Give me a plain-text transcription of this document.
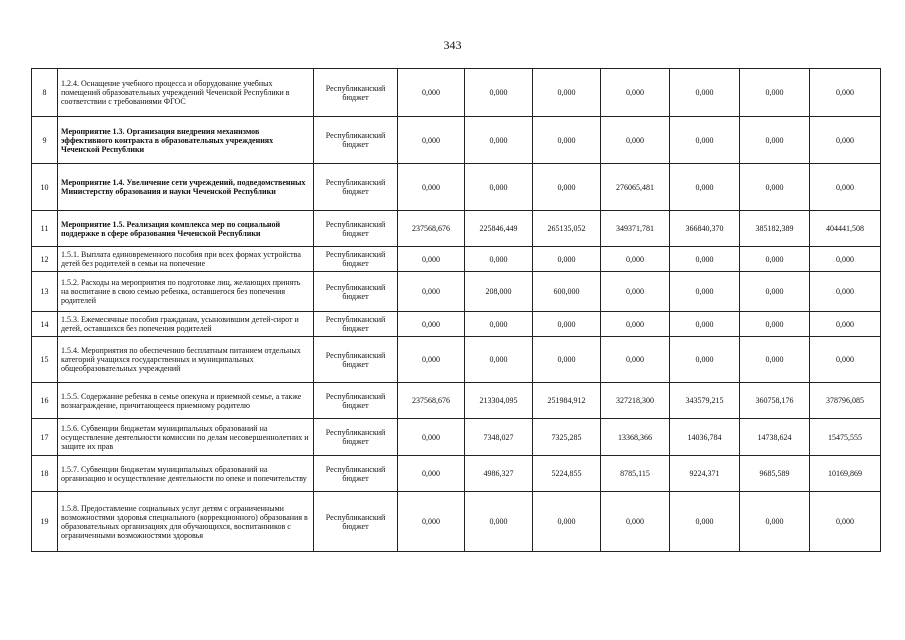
343
8	1.2.4. Оснащение учебного процесса и оборудование учебных помещений образовательных учреждений Чеченской Республики в соответствии с требованиями ФГОС	Республиканский бюджет	0,000	0,000	0,000	0,000	0,000	0,000	0,000
9	Мероприятие 1.3. Организация внедрения механизмов эффективного контракта в образовательных учреждениях Чеченской Республики	Республиканский бюджет	0,000	0,000	0,000	0,000	0,000	0,000	0,000
10	Мероприятие 1.4. Увеличение сети учреждений, подведомственных Министерству образования и науки Чеченской Республики	Республиканский бюджет	0,000	0,000	0,000	276065,481	0,000	0,000	0,000
11	Мероприятие 1.5. Реализация комплекса мер по социальной поддержке в сфере образования Чеченской Республики	Республиканский бюджет	237568,676	225846,449	265135,052	349371,781	366840,370	385182,389	404441,508
12	1.5.1. Выплата единовременного пособия при всех формах устройства детей без родителей в семьи на попечение	Республиканский бюджет	0,000	0,000	0,000	0,000	0,000	0,000	0,000
13	1.5.2. Расходы на мероприятия по подготовке лиц, желающих принять на воспитание в свою семью ребенка, оставшегося без попечения родителей	Республиканский бюджет	0,000	208,000	600,000	0,000	0,000	0,000	0,000
14	1.5.3. Ежемесячные пособия гражданам, усыновившим детей-сирот и детей, оставшихся без попечения родителей	Республиканский бюджет	0,000	0,000	0,000	0,000	0,000	0,000	0,000
15	1.5.4. Мероприятия по обеспечению бесплатным питанием отдельных категорий учащихся государственных и муниципальных общеобразовательных учреждений	Республиканский бюджет	0,000	0,000	0,000	0,000	0,000	0,000	0,000
16	1.5.5. Содержание ребенка в семье опекуна и приемной семье, а также вознаграждение, причитающееся приемному родителю	Республиканский бюджет	237568,676	213304,095	251984,912	327218,300	343579,215	360758,176	378796,085
17	1.5.6. Субвенции бюджетам муниципальных образований на осуществление деятельности комиссии по делам несовершеннолетних и защите их прав	Республиканский бюджет	0,000	7348,027	7325,285	13368,366	14036,784	14738,624	15475,555
18	1.5.7. Субвенции бюджетам муниципальных образований на организацию и осуществление деятельности по опеке и попечительству	Республиканский бюджет	0,000	4986,327	5224,855	8785,115	9224,371	9685,589	10169,869
19	1.5.8. Предоставление социальных услуг детям с ограниченными возможностями здоровья специального (коррекционного) образования в образовательных организациях для обучающихся, воспитанников с ограниченными возможностями здоровья	Республиканский бюджет	0,000	0,000	0,000	0,000	0,000	0,000	0,000
